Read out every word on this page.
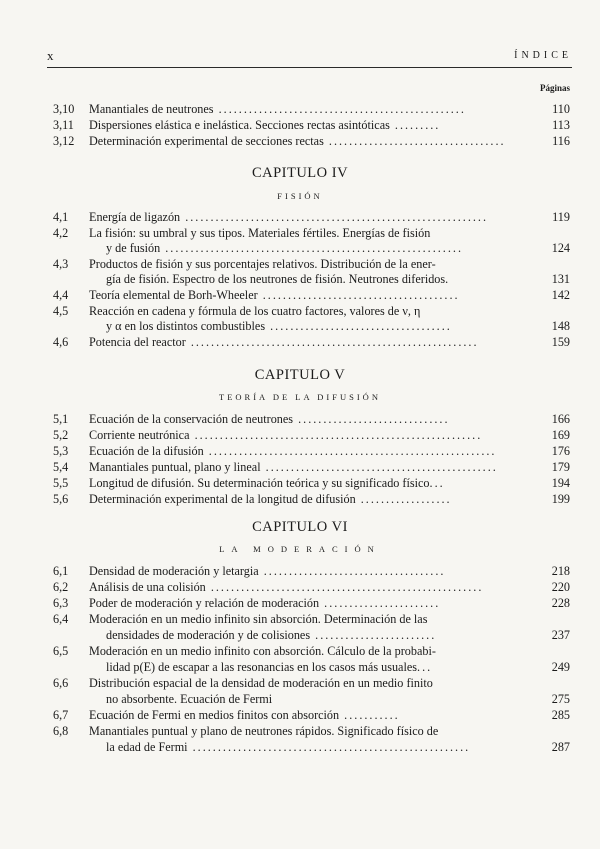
x	ÍNDICE
Páginas
3,10	Manantiales de neutrones .................................................	110
3,11	Dispersiones elástica e inelástica. Secciones rectas asintóticas .........	113
3,12	Determinación experimental de secciones rectas ...................................	116
CAPITULO IV
FISIÓN
4,1	Energía de ligazón ............................................................	119
4,2	La fisión: su umbral y sus tipos. Materiales fértiles. Energías de fisión
y de fusión ...........................................................	124
4,3	Productos de fisión y sus porcentajes relativos. Distribución de la ener-
gía de fisión. Espectro de los neutrones de fisión. Neutrones diferidos.	131
4,4	Teoría elemental de Borh-Wheeler .......................................	142
4,5	Reacción en cadena y fórmula de los cuatro factores, valores de ν, η
y α en los distintos combustibles ....................................	148
4,6	Potencia del reactor .........................................................	159
CAPITULO V
TEORÍA DE LA DIFUSIÓN
5,1	Ecuación de la conservación de neutrones ..............................	166
5,2	Corriente neutrónica .........................................................	169
5,3	Ecuación de la difusión .........................................................	176
5,4	Manantiales puntual, plano y lineal ..............................................	179
5,5	Longitud de difusión. Su determinación teórica y su significado físico...	194
5,6	Determinación experimental de la longitud de difusión ..................	199
CAPITULO VI
LA MODERACIÓN
6,1	Densidad de moderación y letargia ....................................	218
6,2	Análisis de una colisión ......................................................	220
6,3	Poder de moderación y relación de moderación .......................	228
6,4	Moderación en un medio infinito sin absorción. Determinación de las
densidades de moderación y de colisiones ........................	237
6,5	Moderación en un medio infinito con absorción. Cálculo de la probabi-
lidad p(E) de escapar a las resonancias en los casos más usuales...	249
6,6	Distribución espacial de la densidad de moderación en un medio finito
no absorbente. Ecuación de Fermi	275
6,7	Ecuación de Fermi en medios finitos con absorción ...........	285
6,8	Manantiales puntual y plano de neutrones rápidos. Significado físico de
la edad de Fermi .......................................................	287
